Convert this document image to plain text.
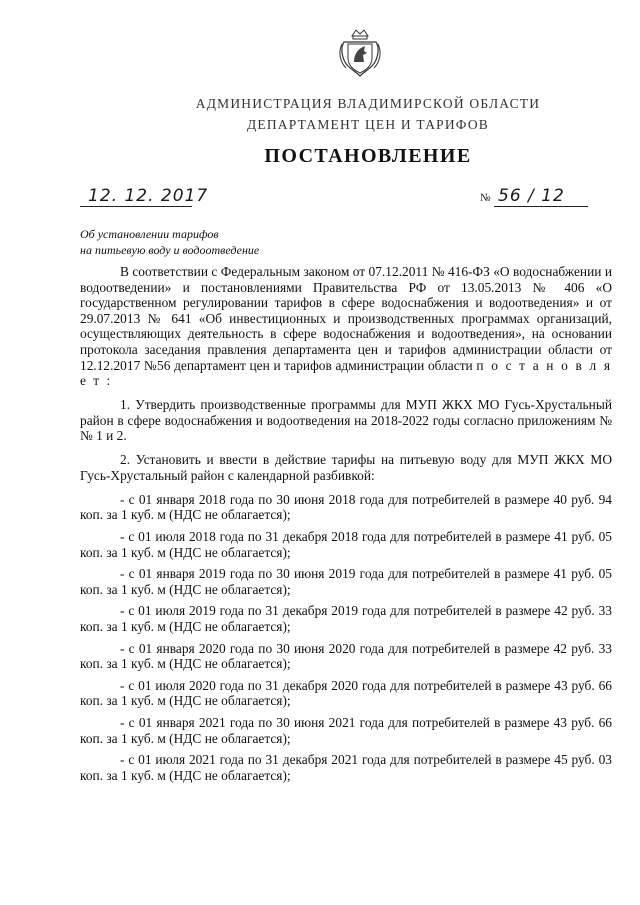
АДМИНИСТРАЦИЯ ВЛАДИМИРСКОЙ ОБЛАСТИ
ДЕПАРТАМЕНТ ЦЕН И ТАРИФОВ
ПОСТАНОВЛЕНИЕ
12. 12. 2017	№ 56 / 12
Об установлении тарифов
на питьевую воду и водоотведение

В соответствии с Федеральным законом от 07.12.2011 № 416-ФЗ «О водоснабжении и водоотведении» и постановлениями Правительства РФ от 13.05.2013 № 406 «О государственном регулировании тарифов в сфере водоснабжения и водоотведения» и от 29.07.2013 № 641 «Об инвестиционных и производственных программах организаций, осуществляющих деятельность в сфере водоснабжения и водоотведения», на основании протокола заседания правления департамента цен и тарифов администрации области от 12.12.2017 №56 департамент цен и тарифов администрации области п о с т а н о в л я е т :

1. Утвердить производственные программы для МУП ЖКХ МО Гусь-Хрустальный район в сфере водоснабжения и водоотведения на 2018-2022 годы согласно приложениям №№ 1 и 2.

2. Установить и ввести в действие тарифы на питьевую воду для МУП ЖКХ МО Гусь-Хрустальный район с календарной разбивкой:

- с 01 января 2018 года по 30 июня 2018 года для потребителей в размере 40 руб. 94 коп. за 1 куб. м (НДС не облагается);

- с 01 июля 2018 года по 31 декабря 2018 года для потребителей в размере 41 руб. 05 коп. за 1 куб. м (НДС не облагается);

- с 01 января 2019 года по 30 июня 2019 года для потребителей в размере 41 руб. 05 коп. за 1 куб. м (НДС не облагается);

- с 01 июля 2019 года по 31 декабря 2019 года для потребителей в размере 42 руб. 33 коп. за 1 куб. м (НДС не облагается);

- с 01 января 2020 года по 30 июня 2020 года для потребителей в размере 42 руб. 33 коп. за 1 куб. м (НДС не облагается);

- с 01 июля 2020 года по 31 декабря 2020 года для потребителей в размере 43 руб. 66 коп. за 1 куб. м (НДС не облагается);

- с 01 января 2021 года по 30 июня 2021 года для потребителей в размере 43 руб. 66 коп. за 1 куб. м (НДС не облагается);

- с 01 июля 2021 года по 31 декабря 2021 года для потребителей в размере 45 руб. 03 коп. за 1 куб. м (НДС не облагается);
